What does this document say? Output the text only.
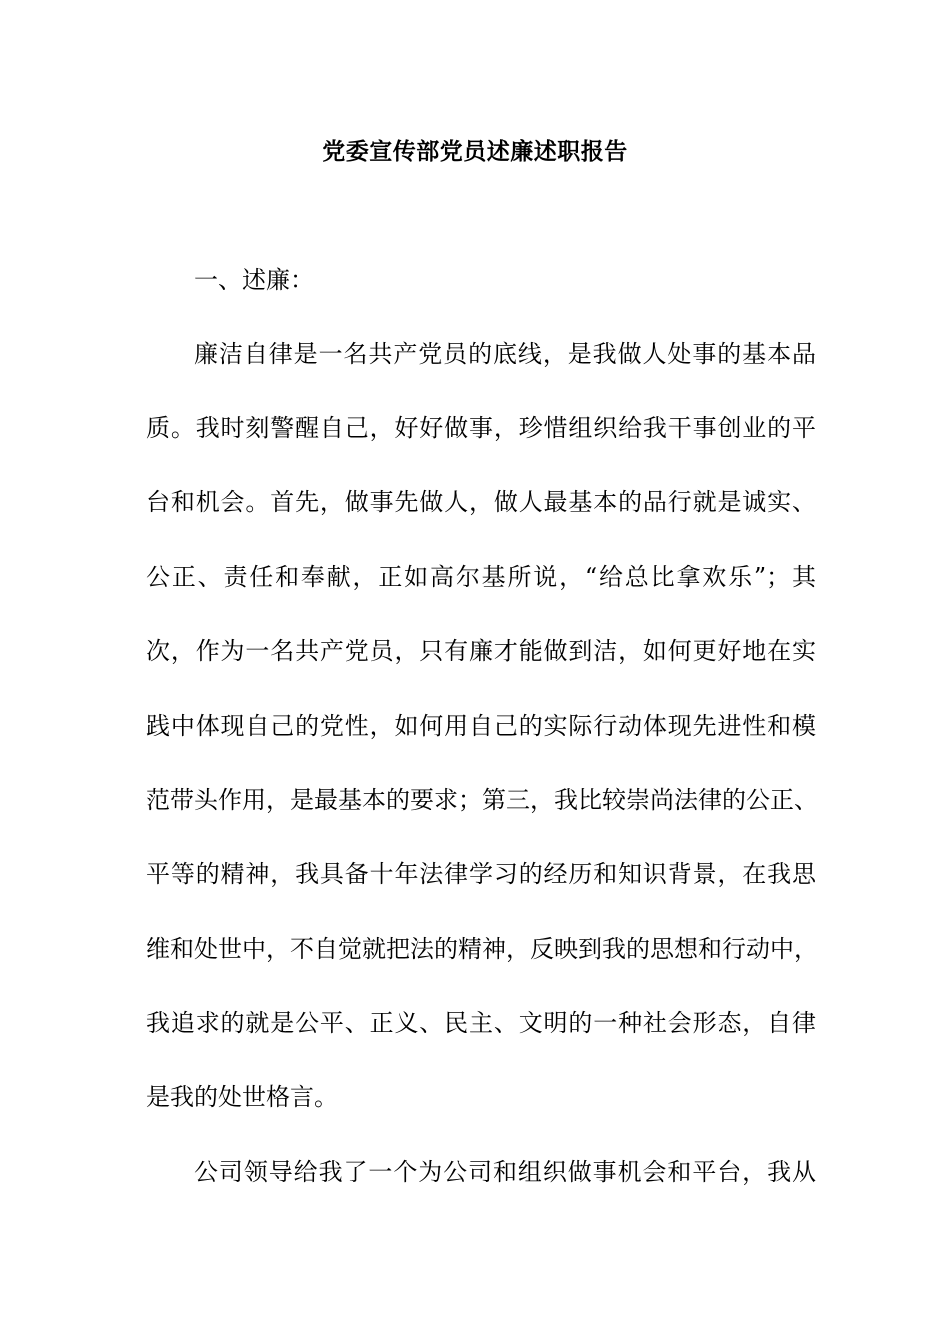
党委宣传部党员述廉述职报告
一、述廉：
廉洁自律是一名共产党员的底线，是我做人处事的基本品
质。我时刻警醒自己，好好做事，珍惜组织给我干事创业的平
台和机会。首先，做事先做人，做人最基本的品行就是诚实、
公正、责任和奉献，正如高尔基所说，“给总比拿欢乐”；其
次，作为一名共产党员，只有廉才能做到洁，如何更好地在实
践中体现自己的党性，如何用自己的实际行动体现先进性和模
范带头作用，是最基本的要求；第三，我比较崇尚法律的公正、
平等的精神，我具备十年法律学习的经历和知识背景，在我思
维和处世中，不自觉就把法的精神，反映到我的思想和行动中，
我追求的就是公平、正义、民主、文明的一种社会形态，自律
是我的处世格言。
公司领导给我了一个为公司和组织做事机会和平台，我从
